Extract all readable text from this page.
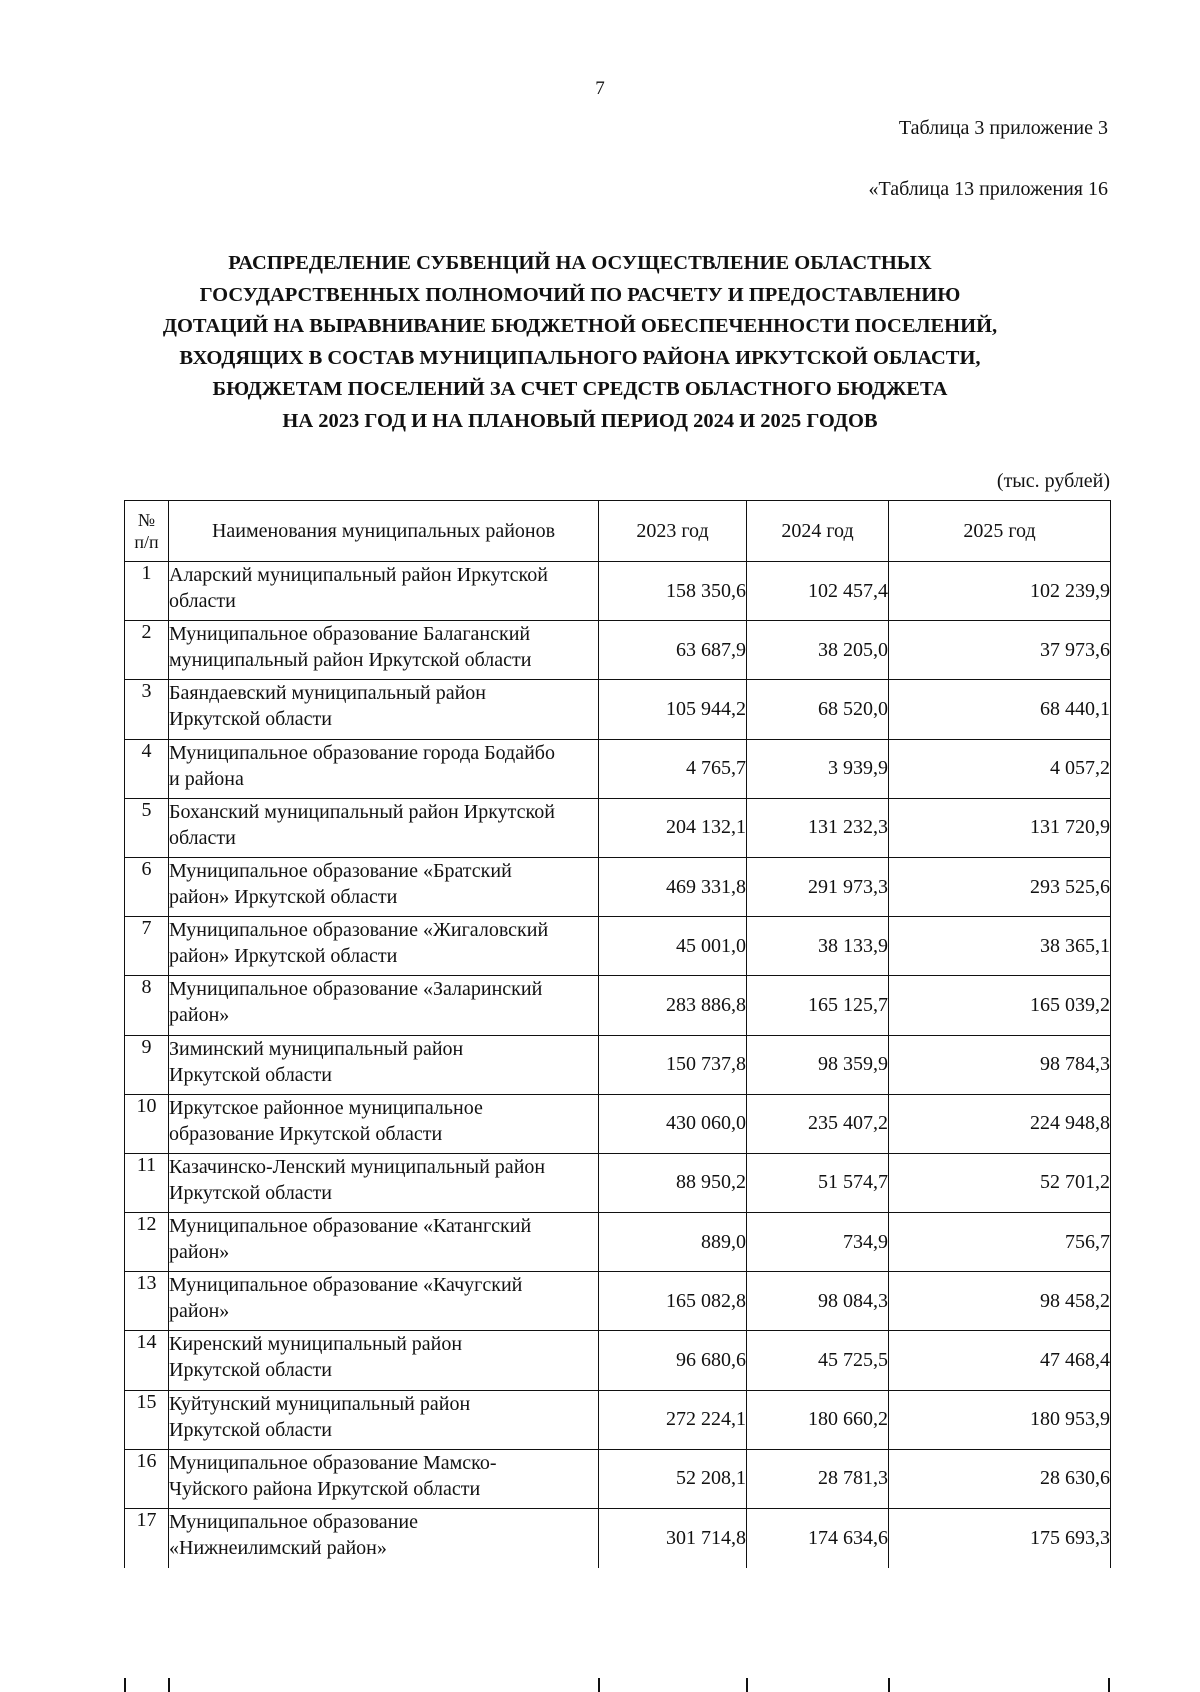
7
Таблица 3 приложение 3
«Таблица 13 приложения 16
РАСПРЕДЕЛЕНИЕ СУБВЕНЦИЙ НА ОСУЩЕСТВЛЕНИЕ ОБЛАСТНЫХ
ГОСУДАРСТВЕННЫХ ПОЛНОМОЧИЙ ПО РАСЧЕТУ И ПРЕДОСТАВЛЕНИЮ
ДОТАЦИЙ НА ВЫРАВНИВАНИЕ БЮДЖЕТНОЙ ОБЕСПЕЧЕННОСТИ ПОСЕЛЕНИЙ,
ВХОДЯЩИХ В СОСТАВ МУНИЦИПАЛЬНОГО РАЙОНА ИРКУТСКОЙ ОБЛАСТИ,
БЮДЖЕТАМ ПОСЕЛЕНИЙ ЗА СЧЕТ СРЕДСТВ ОБЛАСТНОГО БЮДЖЕТА
НА 2023 ГОД И НА ПЛАНОВЫЙ ПЕРИОД 2024 И 2025 ГОДОВ
(тыс. рублей)
№
п/п	Наименования муниципальных районов	2023 год	2024 год	2025 год
1	Аларский муниципальный район Иркутской
области	158 350,6	102 457,4	102 239,9
2	Муниципальное образование Балаганский
муниципальный район Иркутской области	63 687,9	38 205,0	37 973,6
3	Баяндаевский муниципальный район
Иркутской области	105 944,2	68 520,0	68 440,1
4	Муниципальное образование города Бодайбо
и района	4 765,7	3 939,9	4 057,2
5	Боханский муниципальный район Иркутской
области	204 132,1	131 232,3	131 720,9
6	Муниципальное образование «Братский
район» Иркутской области	469 331,8	291 973,3	293 525,6
7	Муниципальное образование «Жигаловский
район» Иркутской области	45 001,0	38 133,9	38 365,1
8	Муниципальное образование «Заларинский
район»	283 886,8	165 125,7	165 039,2
9	Зиминский муниципальный район
Иркутской области	150 737,8	98 359,9	98 784,3
10	Иркутское районное муниципальное
образование Иркутской области	430 060,0	235 407,2	224 948,8
11	Казачинско-Ленский муниципальный район
Иркутской области	88 950,2	51 574,7	52 701,2
12	Муниципальное образование «Катангский
район»	889,0	734,9	756,7
13	Муниципальное образование «Качугский
район»	165 082,8	98 084,3	98 458,2
14	Киренский муниципальный район
Иркутской области	96 680,6	45 725,5	47 468,4
15	Куйтунский муниципальный район
Иркутской области	272 224,1	180 660,2	180 953,9
16	Муниципальное образование Мамско-
Чуйского района Иркутской области	52 208,1	28 781,3	28 630,6
17	Муниципальное образование
«Нижнеилимский район»	301 714,8	174 634,6	175 693,3
